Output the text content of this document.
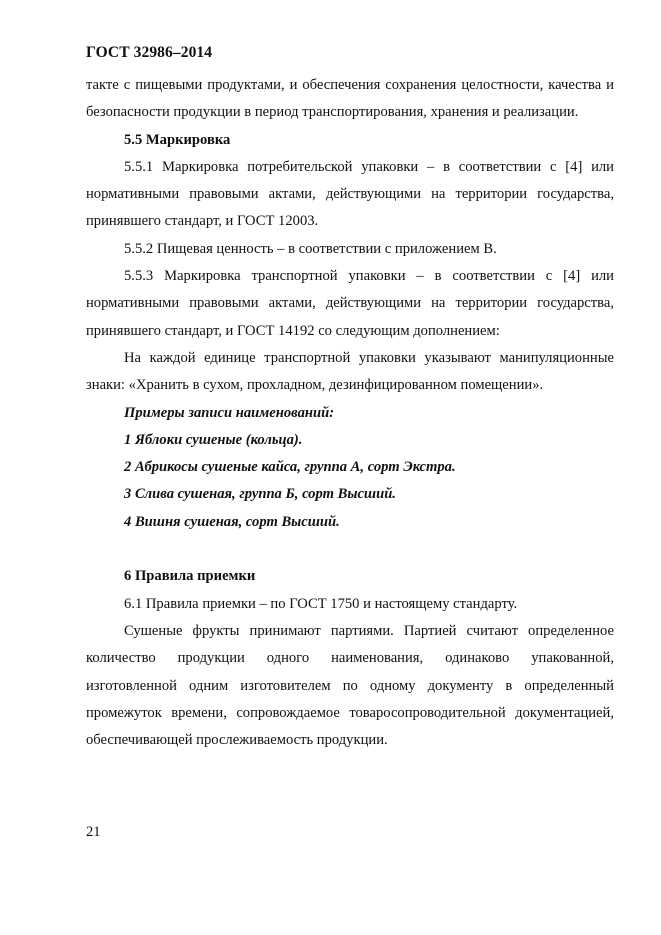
ГОСТ 32986–2014

такте с пищевыми продуктами, и обеспечения сохранения целостности, качества и безопасности продукции в период транспортирования, хранения и реализации.

5.5 Маркировка

5.5.1 Маркировка потребительской упаковки – в соответствии с [4] или нормативными правовыми актами, действующими на территории государства, принявшего стандарт, и ГОСТ 12003.

5.5.2 Пищевая ценность – в соответствии с приложением В.

5.5.3 Маркировка транспортной упаковки – в соответствии с [4] или нормативными правовыми актами, действующими на территории государства, принявшего стандарт, и ГОСТ 14192 со следующим дополнением:

На каждой единице транспортной упаковки указывают манипуляционные знаки: «Хранить в сухом, прохладном, дезинфицированном помещении».

Примеры записи наименований:

1 Яблоки сушеные (кольца).

2 Абрикосы сушеные кайса, группа А, сорт Экстра.

3 Слива сушеная, группа Б, сорт Высший.

4 Вишня сушеная, сорт Высший.

6 Правила приемки

6.1 Правила приемки – по ГОСТ 1750 и настоящему стандарту.

Сушеные фрукты принимают партиями. Партией считают определенное количество продукции одного наименования, одинаково упакованной, изготовленной одним изготовителем по одному документу в определенный промежуток времени, сопровождаемое товаросопроводительной документацией, обеспечивающей прослеживаемость продукции.

21
